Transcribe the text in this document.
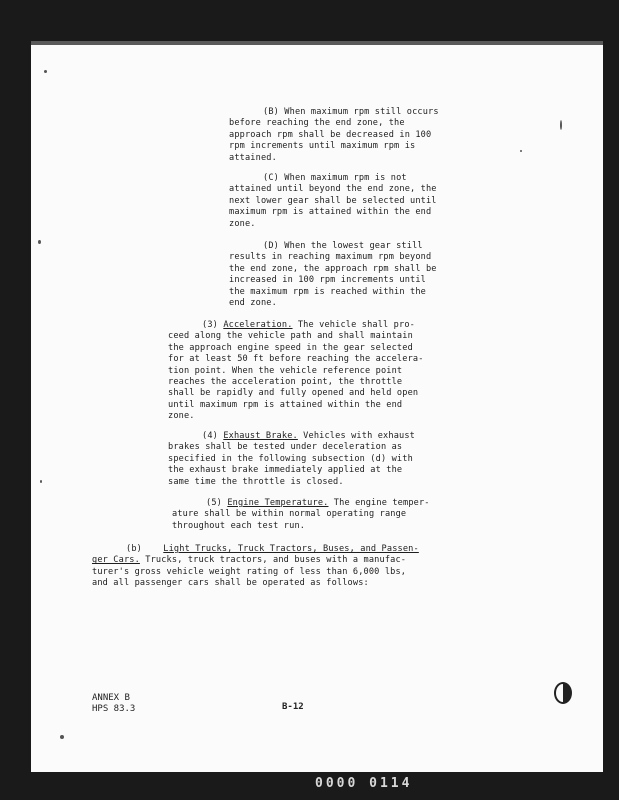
(B) When maximum rpm still occurs

before reaching the end zone, the

approach rpm shall be decreased in 100

rpm increments until maximum rpm is

attained.

(C) When maximum rpm is not

attained until beyond the end zone, the

next lower gear shall be selected until

maximum rpm is attained within the end

zone.

(D) When the lowest gear still

results in reaching maximum rpm beyond

the end zone, the approach rpm shall be

increased in 100 rpm increments until

the maximum rpm is reached within the

end zone.

(3) Acceleration. The vehicle shall pro-

ceed along the vehicle path and shall maintain

the approach engine speed in the gear selected

for at least 50 ft before reaching the accelera-

tion point. When the vehicle reference point

reaches the acceleration point, the throttle

shall be rapidly and fully opened and held open

until maximum rpm is attained within the end

zone.

(4) Exhaust Brake. Vehicles with exhaust

brakes shall be tested under deceleration as

specified in the following subsection (d) with

the exhaust brake immediately applied at the

same time the throttle is closed.

(5) Engine Temperature. The engine temper-

ature shall be within normal operating range

throughout each test run.

(b) Light Trucks, Truck Tractors, Buses, and Passen-

ger Cars. Trucks, truck tractors, and buses with a manufac-

turer's gross vehicle weight rating of less than 6,000 lbs,

and all passenger cars shall be operated as follows:

ANNEX B
HPS 83.3	B-12
0000 0114
